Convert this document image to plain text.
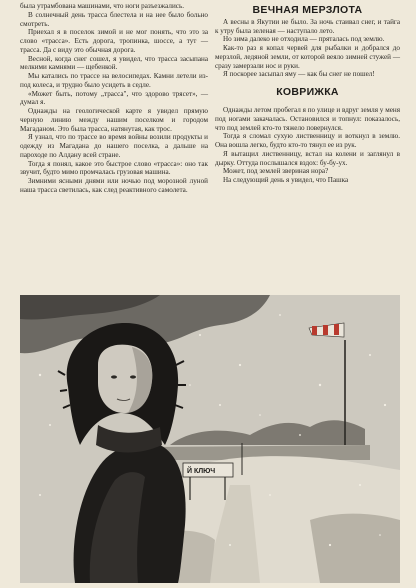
была утрамбована машинами, что ноги разъезжались.

В солнечный день трасса блестела и на нее было больно смотреть.

Приехал я в поселок зимой и не мог понять, что это за слово «трасса». Есть дорога, тропинка, шоссе, а тут — трасса. Да с виду это обычная дорога.

Весной, когда снег сошел, я увидел, что трасса засыпана мелкими камнями — щебенкой.

Мы катались по трассе на велосипедах. Камни летели из-под колеса, и трудно было усидеть в седле.

«Может быть, потому „трасса", что здорово трясет», — думал я.

Однажды на геологической карте я увидел прямую черную линию между нашим поселком и городом Магаданом. Это была трасса, натянутая, как трос.

Я узнал, что по трассе во время войны возили продукты и одежду из Магадана до нашего поселка, а дальше на пароходе по Алдану всей стране.

Тогда я понял, какое это быстрое слово «трасса»: оно так звучит, будто мимо промчалась грузовая машина.

Зимними ясными днями или ночью под морозной луной наша трасса светилась, как след реактивного самолета.

ВЕЧНАЯ МЕРЗЛОТА

А весны в Якутии не было. За ночь стаивал снег, и тайга к утру была зеленая — наступало лето.

Но зима далеко не отходила — пряталась под землю.

Как-то раз я копал червей для рыбалки и добрался до мерзлой, ледяной земли, от которой веяло зимней стужей — сразу замерзали нос и руки.

Я поскорее засыпал яму — как бы снег не пошел!

КОВРИЖКА

Однажды летом пробегал я по улице и вдруг земля у меня под ногами закачалась. Остановился и топнул: показалось, что под землей кто-то тяжело повернулся.

Тогда я сломал сухую лиственницу и воткнул в землю. Она вошла легко, будто кто-то тянул ее из рук.

Я вытащил лиственницу, встал на колени и заглянул в дырку. Оттуда послышался вздох: бу-бу-ух.

Может, под землей звериная нора?

На следующий день я увидел, что Пашка

Й КЛЮЧ
